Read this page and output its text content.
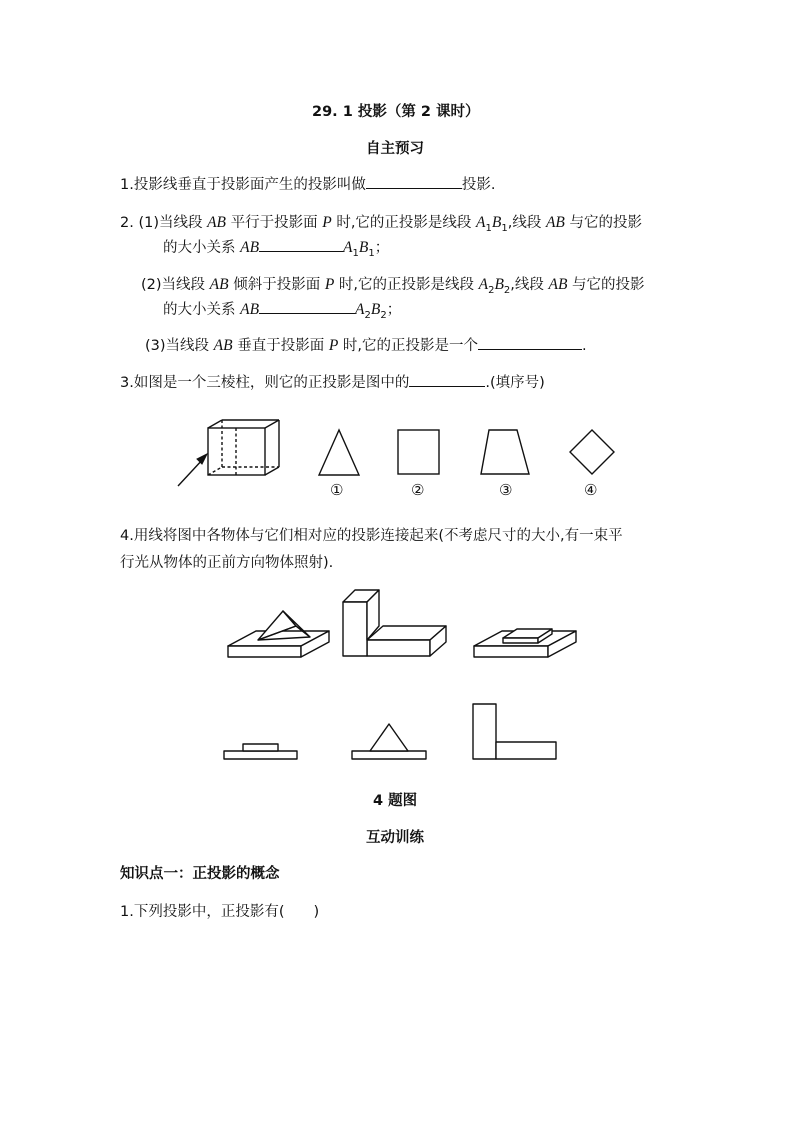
29. 1 投影（第 2 课时）
自主预习
1.投影线垂直于投影面产生的投影叫做	投影.
2. (1)当线段 AB 平行于投影面 P 时,它的正投影是线段 $A_1B_1$,线段 AB 与它的投影
的大小关系 AB	$A_1B_1$；
(2)当线段 AB 倾斜于投影面 P 时,它的正投影是线段 $A_2B_2$,线段 AB 与它的投影
的大小关系 AB	$A_2B_2$；
(3)当线段 AB 垂直于投影面 P 时,它的正投影是一个	.
3.如图是一个三棱柱，则它的正投影是图中的	.(填序号)
①	②	③	④
4.用线将图中各物体与它们相对应的投影连接起来(不考虑尺寸的大小,有一束平
行光从物体的正前方向物体照射).
4 题图
互动训练
知识点一：正投影的概念
1.下列投影中，正投影有(　　)
